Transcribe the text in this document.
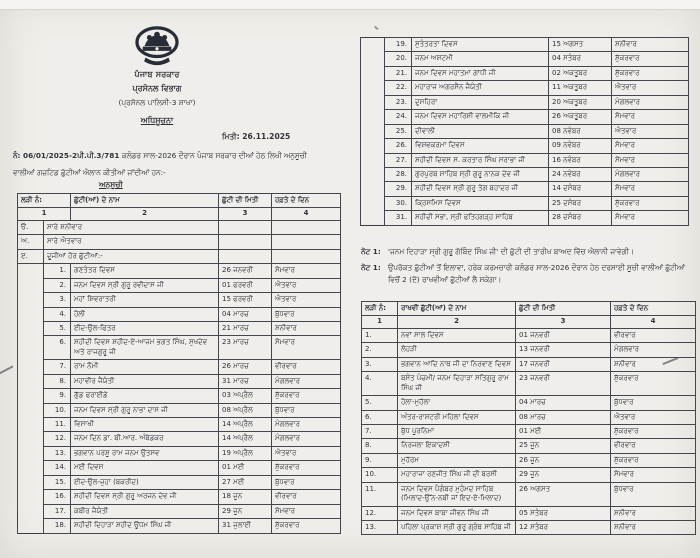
ਪੰਜਾਬ ਸਰਕਾਰ
ਪ੍ਰਸੋਨਲ ਵਿਭਾਗ
(ਪ੍ਰਸੋਨਲ ਪਾਲਿਸੀ-3 ਸ਼ਾਖਾ)
ਅਧਿਸੂਚਨਾ
ਮਿਤੀ: 26.11.2025
ਨੰ: 06/01/2025-2ਪੀ.ਪੀ.3/781 ਕਲੰਡਰ ਸਾਲ-2026 ਦੌਰਾਨ ਪੰਜਾਬ ਸਰਕਾਰ ਦੀਆਂ ਹੇਠ ਲਿਖੀ ਅਨੁਸੂਚੀ
ਵਾਲੀਆਂ ਗਜ਼ਟਿਡ ਛੁੱਟੀਆਂ ਐਲਾਨ ਕੀਤੀਆਂ ਜਾਂਦੀਆਂ ਹਨ:-
ਅਨੁਸੂਚੀ
ਲੜੀ ਨੰ:		ਛੁੱਟੀ(ਆਂ) ਦੇ ਨਾਮ	ਛੁੱਟੀ ਦੀ ਮਿਤੀ	ਹਫ਼ਤੇ ਦੇ ਦਿਨ
1		2	3	4
ੳ.	ਸਾਰੇ ਸ਼ਨੀਵਾਰ			
ਅ.	ਸਾਰੇ ਐਤਵਾਰ			
ੲ.	ਦੂਜੀਆਂ ਹੋਰ ਛੁੱਟੀਆਂ:-			
	1.	ਗਣਤੰਤਰ ਦਿਵਸ	26 ਜਨਵਰੀ	ਸੋਮਵਾਰ
	2.	ਜਨਮ ਦਿਵਸ ਸ੍ਰੀ ਗੁਰੂ ਰਵੀਦਾਸ ਜੀ	01 ਫਰਵਰੀ	ਐਤਵਾਰ
	3.	ਮਹਾਂ ਸ਼ਿਵਰਾਤਰੀ	15 ਫਰਵਰੀ	ਐਤਵਾਰ
	4.	ਹੋਲੀ	04 ਮਾਰਚ	ਬੁੱਧਵਾਰ
	5.	ਈਦ-ਉਲ-ਫਿਤਰ	21 ਮਾਰਚ	ਸ਼ਨੀਵਾਰ
	6.	ਸ਼ਹੀਦੀ ਦਿਵਸ ਸ਼ਹੀਦ-ਏ-ਆਜ਼ਮ ਭਗਤ ਸਿੰਘ, ਸੁਖਦੇਵ ਅਤੇ ਰਾਜਗੁਰੂ ਜੀ	23 ਮਾਰਚ	ਸੋਮਵਾਰ
	7.	ਰਾਮ ਨੌਮੀ	26 ਮਾਰਚ	ਵੀਰਵਾਰ
	8.	ਮਹਾਵੀਰ ਜੈਯੰਤੀ	31 ਮਾਰਚ	ਮੰਗਲਵਾਰ
	9.	ਗੁੱਡ ਫਰਾਈਡੇ	03 ਅਪ੍ਰੈਲ	ਸ਼ੁੱਕਰਵਾਰ
	10.	ਜਨਮ ਦਿਵਸ ਸ੍ਰੀ ਗੁਰੂ ਨਾਭਾ ਦਾਸ ਜੀ	08 ਅਪ੍ਰੈਲ	ਬੁੱਧਵਾਰ
	11.	ਵਿਸਾਖੀ	14 ਅਪ੍ਰੈਲ	ਮੰਗਲਵਾਰ
	12.	ਜਨਮ ਦਿਨ ਡਾ. ਬੀ.ਆਰ. ਅੰਬੇਡਕਰ	14 ਅਪ੍ਰੈਲ	ਮੰਗਲਵਾਰ
	13.	ਭਗਵਾਨ ਪਰਸ਼ੂ ਰਾਮ ਜਨਮ ਉਤਸਵ	19 ਅਪ੍ਰੈਲ	ਐਤਵਾਰ
	14.	ਮਈ ਦਿਵਸ	01 ਮਈ	ਸ਼ੁੱਕਰਵਾਰ
	15.	ਈਦ-ਉਲ-ਜੁਹਾ (ਬਕਰੀਦ)	27 ਮਈ	ਬੁੱਧਵਾਰ
	16.	ਸ਼ਹੀਦੀ ਦਿਵਸ ਸ੍ਰੀ ਗੁਰੂ ਅਰਜਨ ਦੇਵ ਜੀ	18 ਜੂਨ	ਵੀਰਵਾਰ
	17.	ਕਬੀਰ ਜੈਯੰਤੀ	29 ਜੂਨ	ਸੋਮਵਾਰ
	18.	ਸ਼ਹੀਦੀ ਦਿਹਾੜਾ ਸ਼ਹੀਦ ਊਧਮ ਸਿੰਘ ਜੀ	31 ਜੁਲਾਈ	ਸ਼ੁੱਕਰਵਾਰ
	19.	ਸੁਤੰਤਰਤਾ ਦਿਵਸ	15 ਅਗਸਤ	ਸ਼ਨੀਵਾਰ
	20.	ਜਨਮ ਅਸ਼ਟਮੀ	04 ਸਤੰਬਰ	ਸ਼ੁੱਕਰਵਾਰ
	21.	ਜਨਮ ਦਿਵਸ ਮਹਾਤਮਾ ਗਾਂਧੀ ਜੀ	02 ਅਕਤੂਬਰ	ਸ਼ੁੱਕਰਵਾਰ
	22.	ਮਹਾਰਾਜ ਅਗਰਸੈਨ ਜੈਯੰਤੀ	11 ਅਕਤੂਬਰ	ਐਤਵਾਰ
	23.	ਦੁਸਹਿਰਾ	20 ਅਕਤੂਬਰ	ਮੰਗਲਵਾਰ
	24.	ਜਨਮ ਦਿਵਸ ਮਹਾਰਿਸ਼ੀ ਵਾਲਮੀਕਿ ਜੀ	26 ਅਕਤੂਬਰ	ਸੋਮਵਾਰ
	25.	ਦੀਵਾਲੀ	08 ਨਵੰਬਰ	ਐਤਵਾਰ
	26.	ਵਿਸ਼ਵਕਰਮਾ ਦਿਵਸ	09 ਨਵੰਬਰ	ਸੋਮਵਾਰ
	27.	ਸ਼ਹੀਦੀ ਦਿਵਸ ਸ. ਕਰਤਾਰ ਸਿੰਘ ਸਰਾਭਾ ਜੀ	16 ਨਵੰਬਰ	ਸੋਮਵਾਰ
	28.	ਗੁਰਪੁਰਬ ਸਾਹਿਬ ਸ੍ਰੀ ਗੁਰੂ ਨਾਨਕ ਦੇਵ ਜੀ	24 ਨਵੰਬਰ	ਮੰਗਲਵਾਰ
	29.	ਸ਼ਹੀਦੀ ਦਿਵਸ ਸ੍ਰੀ ਗੁਰੂ ਤੇਗ ਬਹਾਦਰ ਜੀ	14 ਦਸੰਬਰ	ਸੋਮਵਾਰ
	30.	ਕ੍ਰਿਸਮਿਸ ਦਿਵਸ	25 ਦਸੰਬਰ	ਸ਼ੁੱਕਰਵਾਰ
	31.	ਸ਼ਹੀਦੀ ਸਭਾ, ਸ੍ਰੀ ਫਤਿਹਗੜ੍ਹ ਸਾਹਿਬ	28 ਦਸੰਬਰ	ਸੋਮਵਾਰ
ਨੋਟ 1: 'ਜਨਮ ਦਿਹਾੜਾ ਸ੍ਰੀ ਗੁਰੂ ਗੋਬਿੰਦ ਸਿੰਘ ਜੀ' ਦੀ ਛੁੱਟੀ ਦੀ ਤਾਰੀਖ ਬਾਅਦ ਵਿੱਚ ਐਲਾਨੀ ਜਾਵੇਗੀ।
ਨੋਟ 1: ਉਪਰੋਕਤ ਛੁੱਟੀਆਂ ਤੋਂ ਇਲਾਵਾ, ਹਰੇਕ ਕਰਮਚਾਰੀ ਕਲੰਡਰ ਸਾਲ-2026 ਦੌਰਾਨ ਹੇਠ ਦਰਸਾਈ ਸੂਚੀ ਵਾਲੀਆਂ ਛੁੱਟੀਆਂ ਵਿਚੋਂ 2 (ਦੋ) ਰਾਖਵੀਆਂ ਛੁੱਟੀਆਂ ਲੈ ਸਕੇਗਾ।
ਲੜੀ ਨੰ:	ਰਾਖਵੀਂ ਛੁੱਟੀ(ਆਂ) ਦੇ ਨਾਮ	ਛੁੱਟੀ ਦੀ ਮਿਤੀ	ਹਫ਼ਤੇ ਦੇ ਦਿਨ
1	2	3	4
1.	ਨਵਾਂ ਸਾਲ ਦਿਵਸ	01 ਜਨਵਰੀ	ਵੀਰਵਾਰ
2.	ਲੋਹੜੀ	13 ਜਨਵਰੀ	ਮੰਗਲਵਾਰ
3.	ਭਗਵਾਨ ਆਦਿ ਨਾਥ ਜੀ ਦਾ ਨਿਰਵਾਣ ਦਿਵਸ	17 ਜਨਵਰੀ	ਸ਼ਨੀਵਾਰ
4.	ਬਸੰਤ ਪੰਚਮੀ/ ਜਨਮ ਦਿਹਾੜਾ ਸਤਿਗੁਰੂ ਰਾਮ ਸਿੰਘ ਜੀ	23 ਜਨਵਰੀ	ਸ਼ੁੱਕਰਵਾਰ
5.	ਹੋਲਾ-ਮੁਹੱਲਾ	04 ਮਾਰਚ	ਬੁੱਧਵਾਰ
6.	ਅੰਤਰ-ਰਾਸ਼ਟਰੀ ਮਹਿਲਾ ਦਿਵਸ	08 ਮਾਰਚ	ਐਤਵਾਰ
7.	ਬੁੱਧ ਪੂਰਨਿਮਾ	01 ਮਈ	ਸ਼ੁੱਕਰਵਾਰ
8.	ਨਿਰਜਲਾ ਇਕਾਦਸ਼ੀ	25 ਜੂਨ	ਵੀਰਵਾਰ
9.	ਮੁਹੱਰਮ	26 ਜੂਨ	ਸ਼ੁੱਕਰਵਾਰ
10.	ਮਹਾਰਾਜਾ ਰਣਜੀਤ ਸਿੰਘ ਜੀ ਦੀ ਬਰਸੀ	29 ਜੂਨ	ਸੋਮਵਾਰ
11.	ਜਨਮ ਦਿਵਸ ਪੈਗੰਬਰ ਮੁਹੰਮਦ ਸਾਹਿਬ (ਮਿਲਾਦ-ਉੱਨ-ਨਬੀ ਜਾਂ ਇਦ-ਏ-ਮਿਲਾਦ)	26 ਅਗਸਤ	ਬੁੱਧਵਾਰ
12.	ਜਨਮ ਦਿਵਸ ਬਾਬਾ ਜੀਵਨ ਸਿੰਘ ਜੀ	05 ਸਤੰਬਰ	ਸ਼ਨੀਵਾਰ
13.	ਪਹਿਲਾ ਪ੍ਰਕਾਸ਼ ਸ੍ਰੀ ਗੁਰੂ ਗ੍ਰੰਥ ਸਾਹਿਬ ਜੀ	12 ਸਤੰਬਰ	ਸ਼ਨੀਵਾਰ
